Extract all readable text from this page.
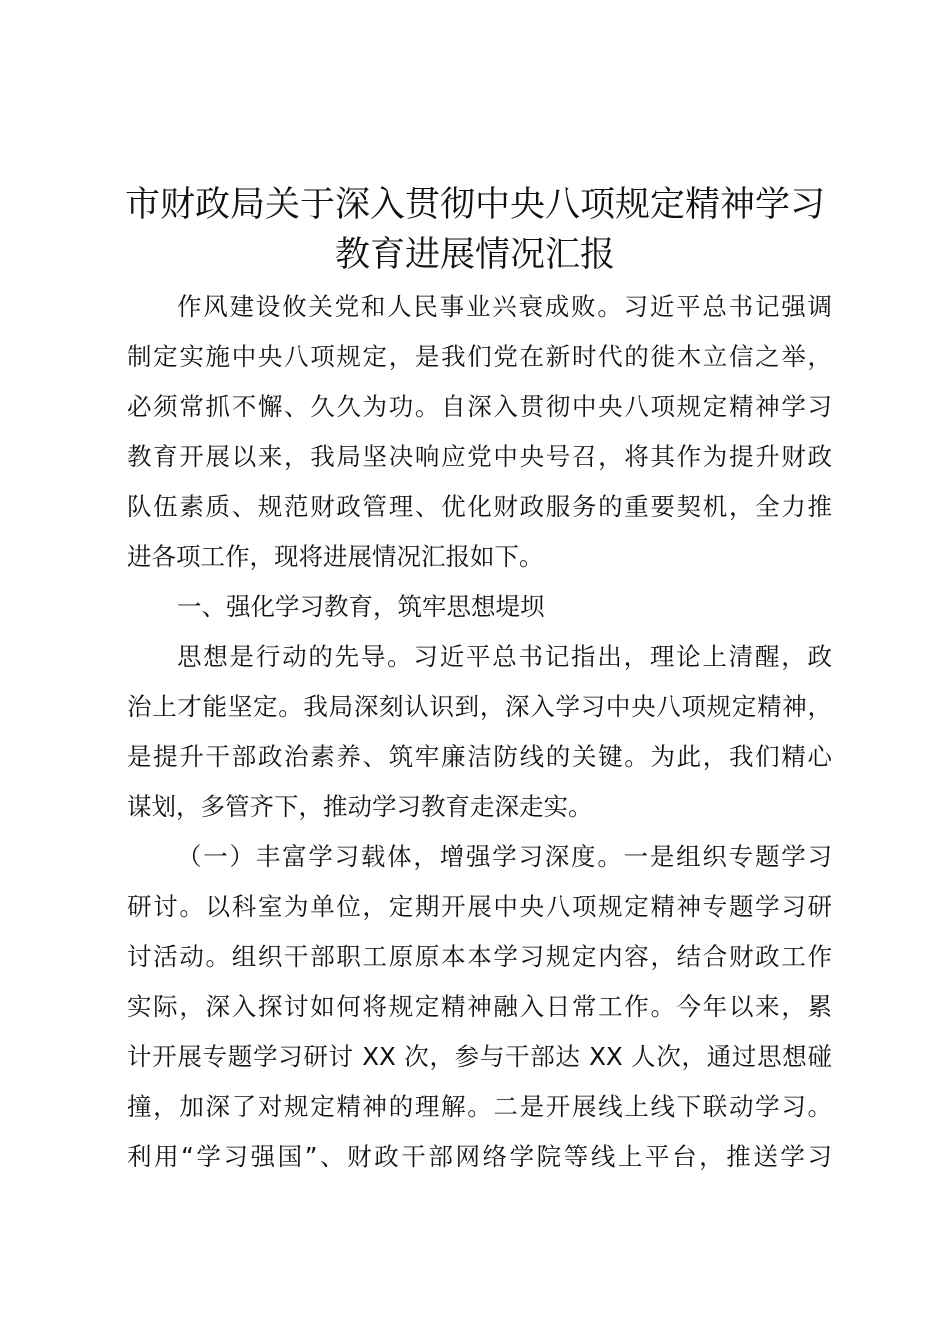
市财政局关于深入贯彻中央八项规定精神学习
教育进展情况汇报
作风建设攸关党和人民事业兴衰成败。习近平总书记强调
制定实施中央八项规定，是我们党在新时代的徙木立信之举，
必须常抓不懈、久久为功。自深入贯彻中央八项规定精神学习
教育开展以来，我局坚决响应党中央号召，将其作为提升财政
队伍素质、规范财政管理、优化财政服务的重要契机，全力推
进各项工作，现将进展情况汇报如下。
一、强化学习教育，筑牢思想堤坝
思想是行动的先导。习近平总书记指出，理论上清醒，政
治上才能坚定。我局深刻认识到，深入学习中央八项规定精神，
是提升干部政治素养、筑牢廉洁防线的关键。为此，我们精心
谋划，多管齐下，推动学习教育走深走实。
（一）丰富学习载体，增强学习深度。一是组织专题学习
研讨。以科室为单位，定期开展中央八项规定精神专题学习研
讨活动。组织干部职工原原本本学习规定内容，结合财政工作
实际，深入探讨如何将规定精神融入日常工作。今年以来，累
计开展专题学习研讨 XX 次，参与干部达 XX 人次，通过思想碰
撞，加深了对规定精神的理解。二是开展线上线下联动学习。
利用“学习强国”、财政干部网络学院等线上平台，推送学习
